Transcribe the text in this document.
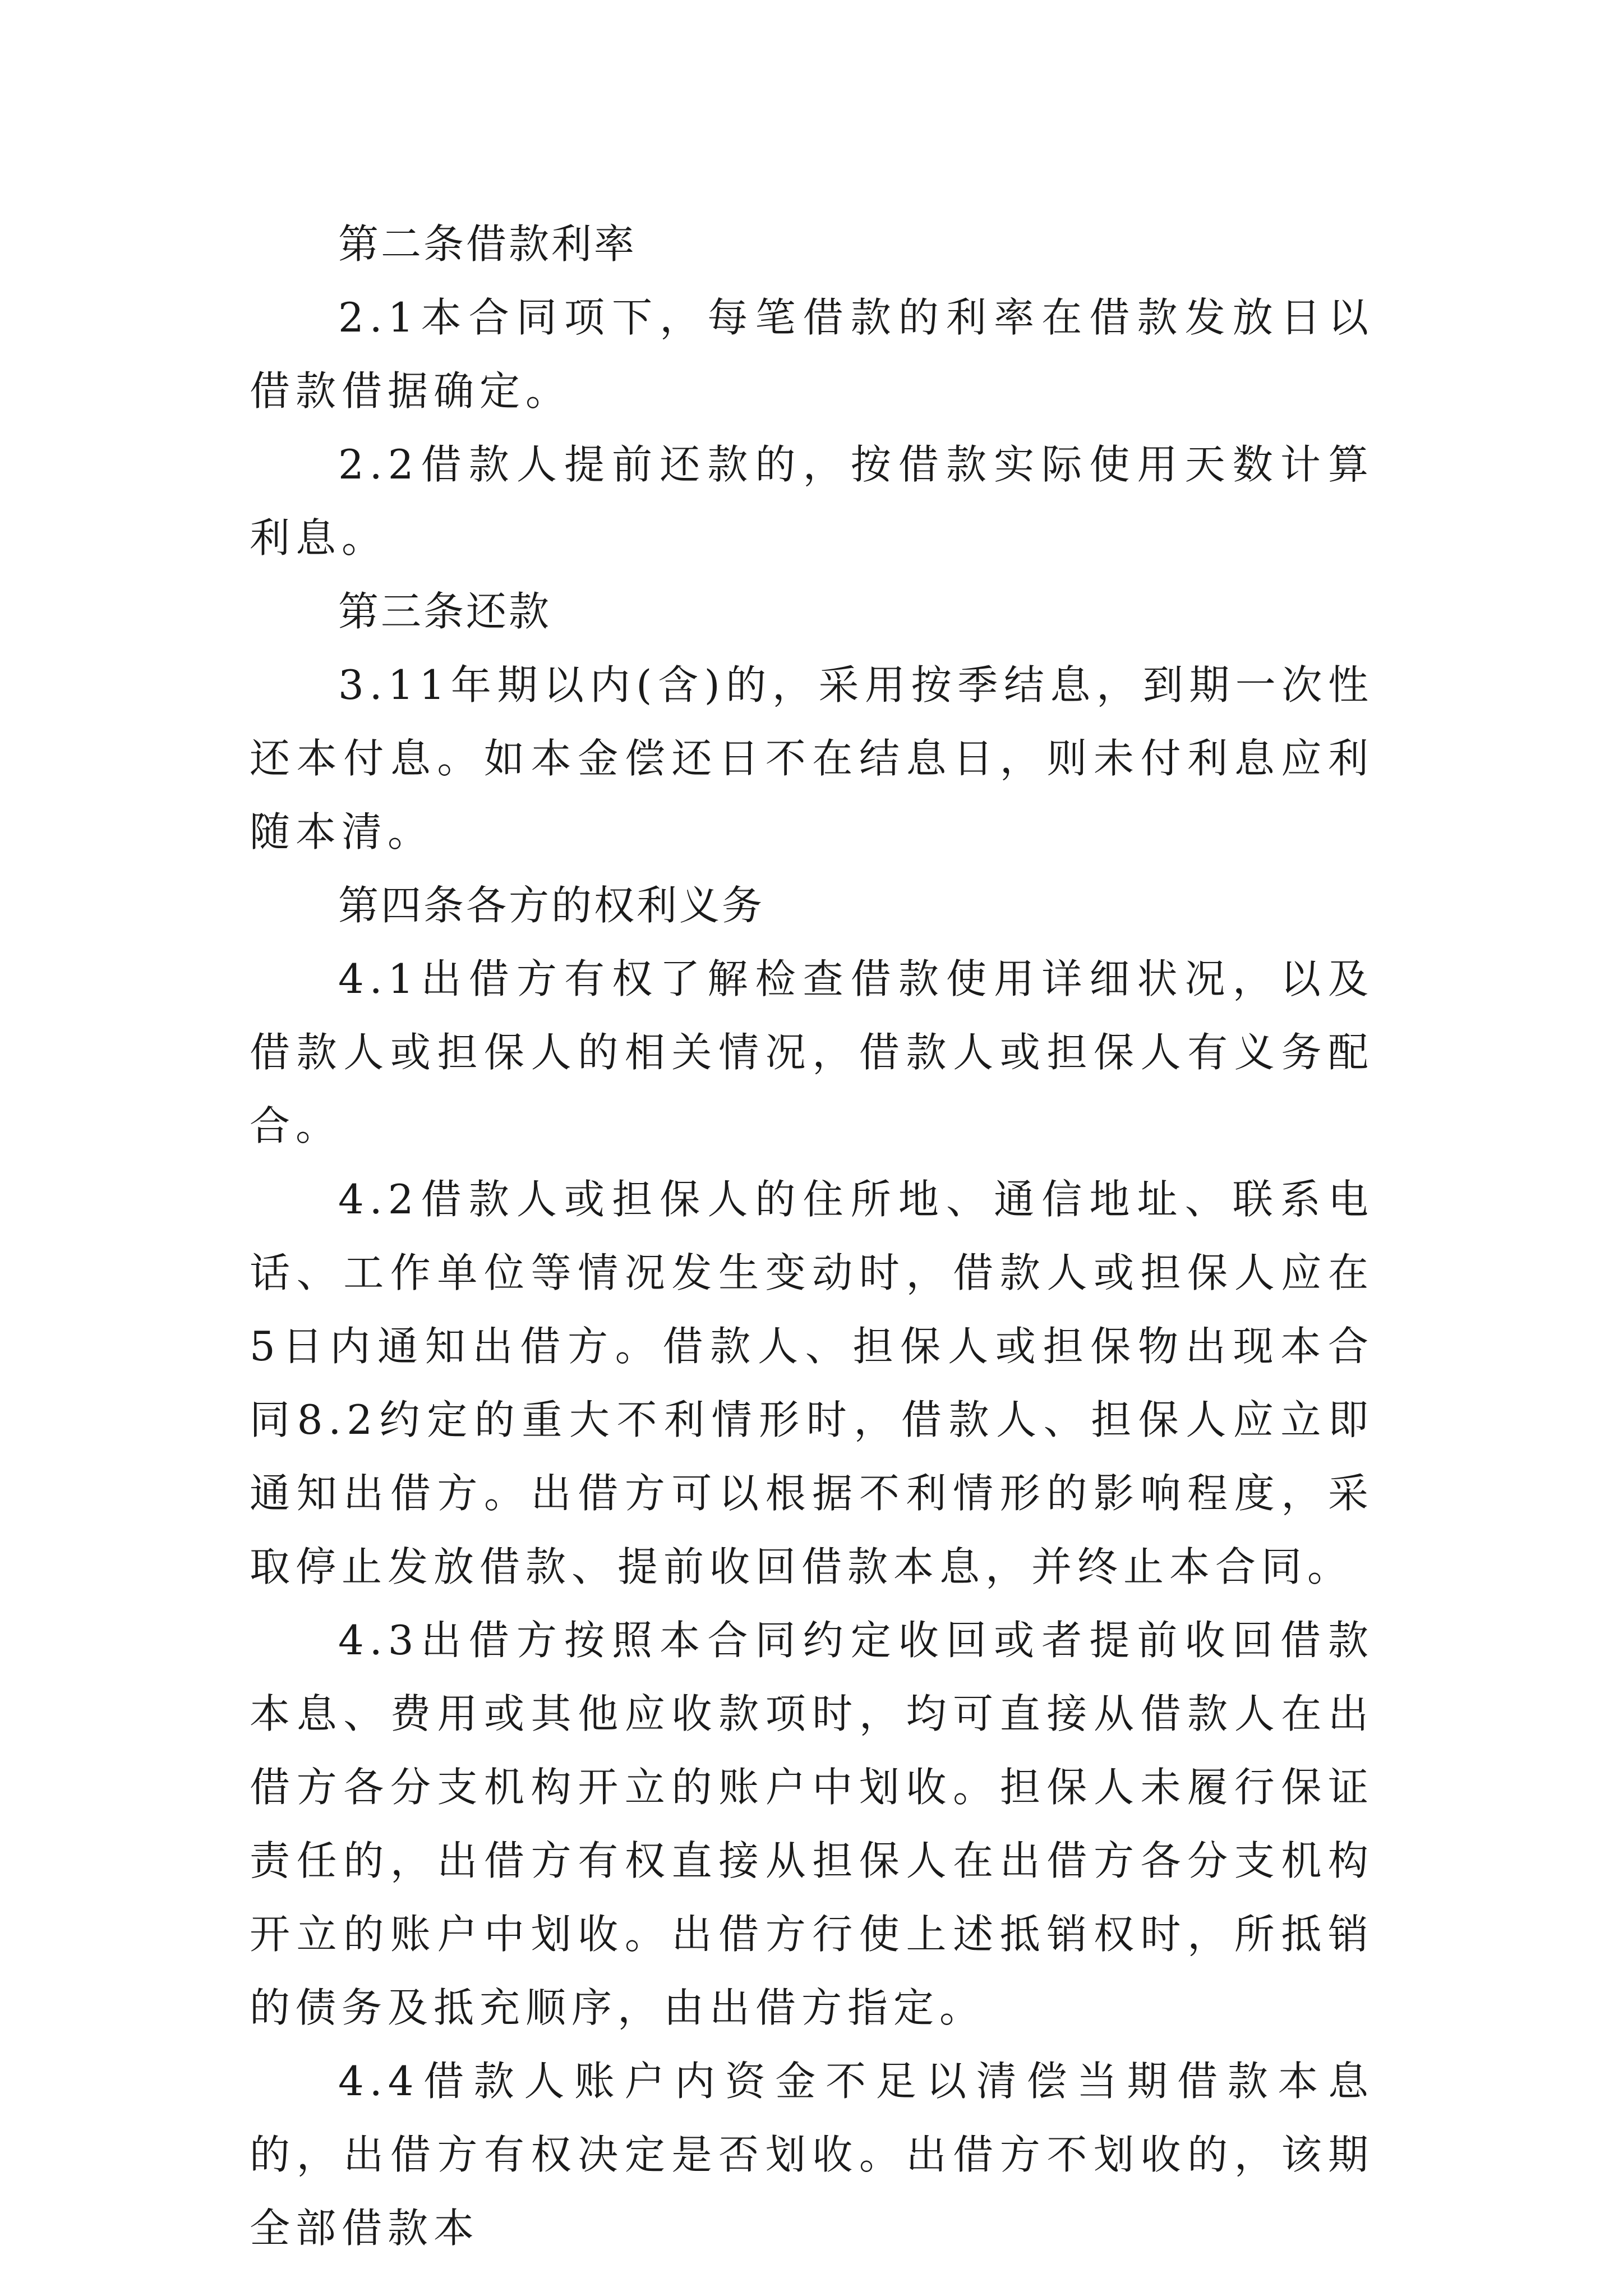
第二条借款利率

2.1本合同项下，每笔借款的利率在借款发放日以借款借据确定。

2.2借款人提前还款的，按借款实际使用天数计算利息。

第三条还款

3.11年期以内(含)的，采用按季结息，到期一次性还本付息。如本金偿还日不在结息日，则未付利息应利随本清。

第四条各方的权利义务

4.1出借方有权了解检查借款使用详细状况，以及借款人或担保人的相关情况，借款人或担保人有义务配合。

4.2借款人或担保人的住所地、通信地址、联系电话、工作单位等情况发生变动时，借款人或担保人应在5日内通知出借方。借款人、担保人或担保物出现本合同8.2约定的重大不利情形时，借款人、担保人应立即通知出借方。出借方可以根据不利情形的影响程度，采取停止发放借款、提前收回借款本息，并终止本合同。

4.3出借方按照本合同约定收回或者提前收回借款本息、费用或其他应收款项时，均可直接从借款人在出借方各分支机构开立的账户中划收。担保人未履行保证责任的，出借方有权直接从担保人在出借方各分支机构开立的账户中划收。出借方行使上述抵销权时，所抵销的债务及抵充顺序，由出借方指定。

4.4借款人账户内资金不足以清偿当期借款本息的，出借方有权决定是否划收。出借方不划收的，该期全部借款本
